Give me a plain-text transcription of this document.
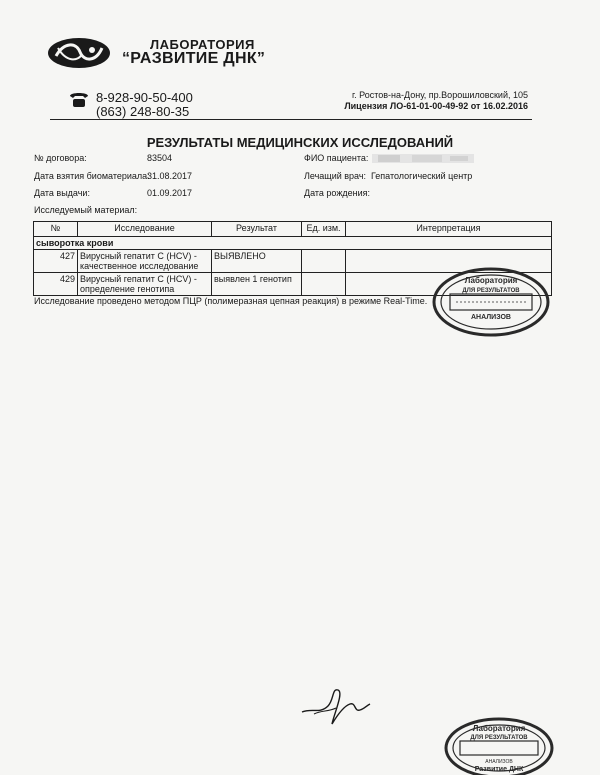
ЛАБОРАТОРИЯ
“РАЗВИТИЕ ДНК”
8-928-90-50-400
(863) 248-80-35
г. Ростов-на-Дону, пр.Ворошиловский, 105
Лицензия ЛО-61-01-00-49-92 от 16.02.2016
РЕЗУЛЬТАТЫ МЕДИЦИНСКИХ ИССЛЕДОВАНИЙ
№ договора:	83504	ФИО пациента:
Дата взятия биоматериала:
31.08.2017	Лечащий врач: Гепатологический центр
Дата выдачи:	01.09.2017	Дата рождения:
Исследуемый материал:
№	Исследование	Результат	Ед. изм.	Интерпретация
сыворотка крови				
427	Вирусный гепатит C (HCV) -
качественное исследование	ВЫЯВЛЕНО		
429	Вирусный гепатит C (HCV) -
определение генотипа	выявлен 1 генотип		
Исследование проведено методом ПЦР (полимеразная цепная реакция) в режиме Real-Time.
Лаборатория
ДЛЯ РЕЗУЛЬТАТОВ
АНАЛИЗОВ
Лаборатория
ДЛЯ РЕЗУЛЬТАТОВ
АНАЛИЗОВ
Развитие ДНК
